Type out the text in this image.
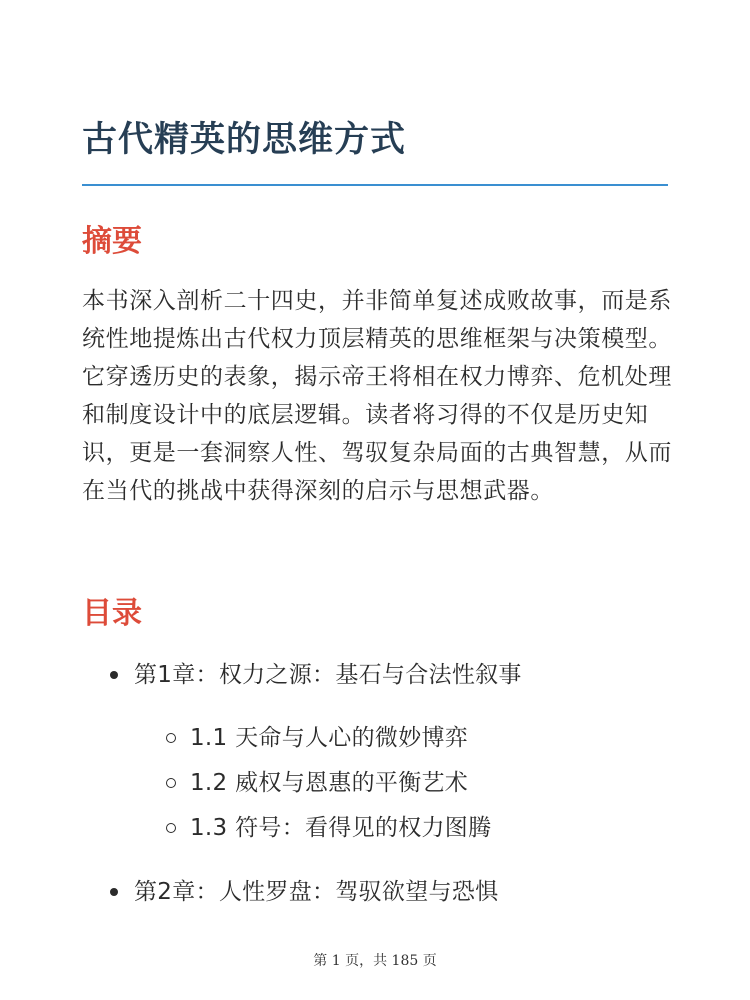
古代精英的思维方式
摘要

本书深入剖析二十四史，并非简单复述成败故事，而是系统性地提炼出古代权力顶层精英的思维框架与决策模型。它穿透历史的表象，揭示帝王将相在权力博弈、危机处理和制度设计中的底层逻辑。读者将习得的不仅是历史知识，更是一套洞察人性、驾驭复杂局面的古典智慧，从而在当代的挑战中获得深刻的启示与思想武器。

目录
第1章：权力之源：基石与合法性叙事
1.1 天命与人心的微妙博弈
1.2 威权与恩惠的平衡艺术
1.3 符号：看得见的权力图腾
第2章：人性罗盘：驾驭欲望与恐惧
第 1 页，共 185 页
